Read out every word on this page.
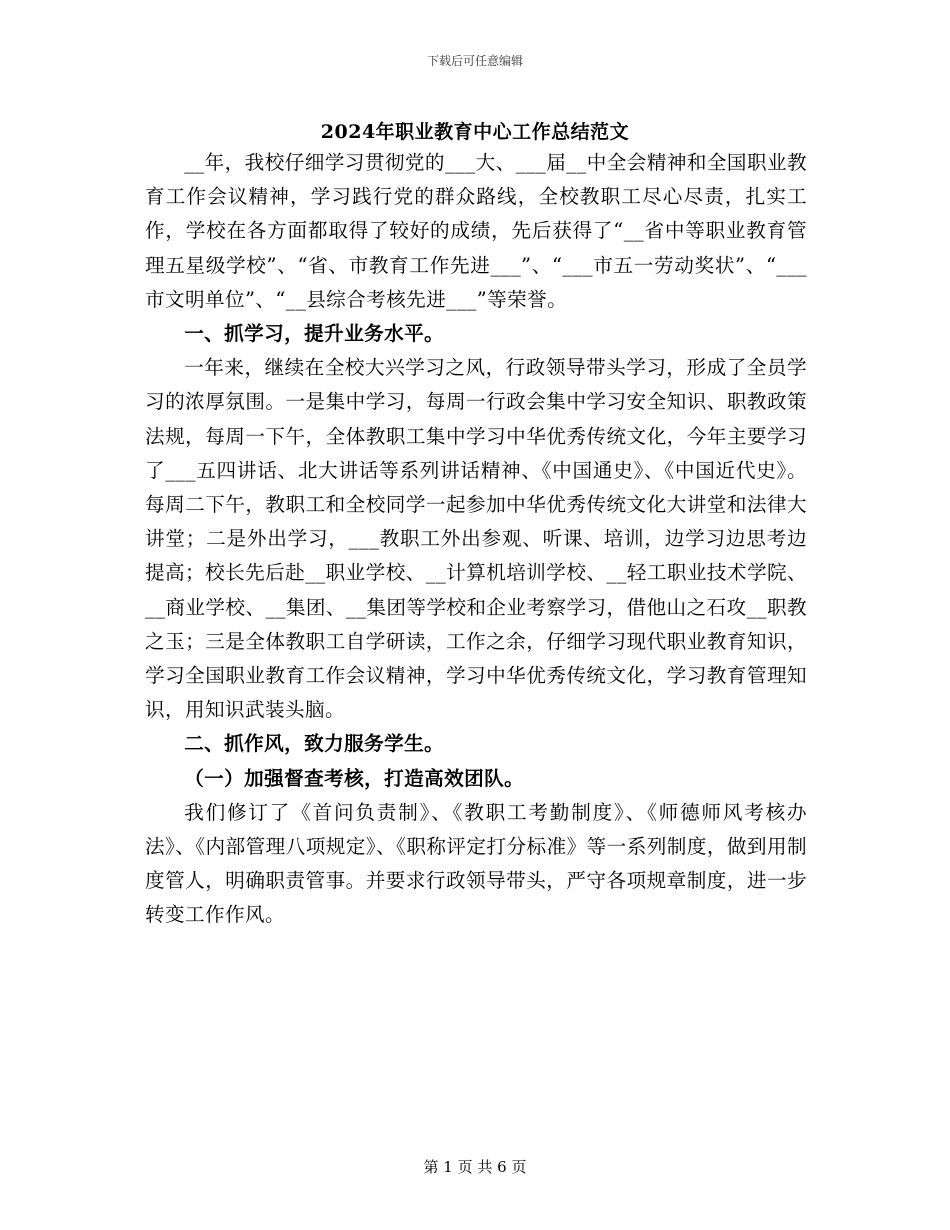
下载后可任意编辑
2024年职业教育中心工作总结范文

__年，我校仔细学习贯彻党的___大、___届__中全会精神和全国职业教育工作会议精神，学习践行党的群众路线，全校教职工尽心尽责，扎实工作，学校在各方面都取得了较好的成绩，先后获得了“__省中等职业教育管理五星级学校”、“省、市教育工作先进___”、“___市五一劳动奖状”、“___市文明单位”、“__县综合考核先进___”等荣誉。

一、抓学习，提升业务水平。

一年来，继续在全校大兴学习之风，行政领导带头学习，形成了全员学习的浓厚氛围。一是集中学习，每周一行政会集中学习安全知识、职教政策法规，每周一下午，全体教职工集中学习中华优秀传统文化，今年主要学习了___五四讲话、北大讲话等系列讲话精神、《中国通史》、《中国近代史》。每周二下午，教职工和全校同学一起参加中华优秀传统文化大讲堂和法律大讲堂；二是外出学习，___教职工外出参观、听课、培训，边学习边思考边提高；校长先后赴__职业学校、__计算机培训学校、__轻工职业技术学院、__商业学校、__集团、__集团等学校和企业考察学习，借他山之石攻__职教之玉；三是全体教职工自学研读，工作之余，仔细学习现代职业教育知识，学习全国职业教育工作会议精神，学习中华优秀传统文化，学习教育管理知识，用知识武装头脑。

二、抓作风，致力服务学生。

（一）加强督查考核，打造高效团队。

我们修订了《首问负责制》、《教职工考勤制度》、《师德师风考核办法》、《内部管理八项规定》、《职称评定打分标准》等一系列制度，做到用制度管人，明确职责管事。并要求行政领导带头，严守各项规章制度，进一步转变工作作风。

第 1 页 共 6 页
